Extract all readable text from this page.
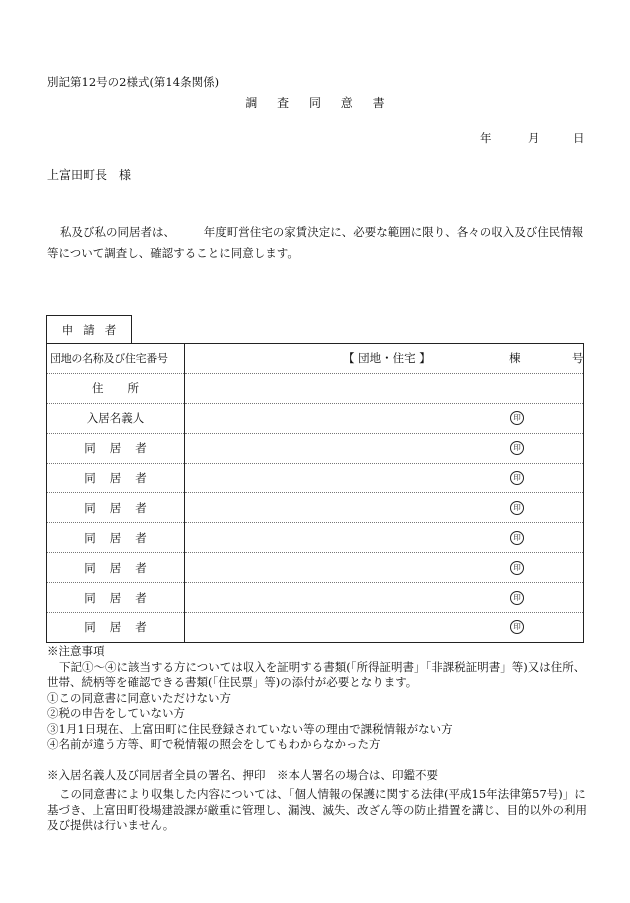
別記第12号の2様式(第14条関係)
調 査 同 意 書
年	月	日
上富田町長　様
私及び私の同居者は、　　　年度町営住宅の家賃決定に、必要な範囲に限り、各々の収入及び住民情報等について調査し、確認することに同意します。
申請者
団地の名称及び住宅番号	【 団地・住宅 】 棟 号

住所	
入居名義人	印

同居者	印

同居者	印

同居者	印

同居者	印

同居者	印

同居者	印

同居者	印
※注意事項
下記①～④に該当する方については収入を証明する書類(「所得証明書」「非課税証明書」等)又は住所、世帯、続柄等を確認できる書類(「住民票」等)の添付が必要となります。
①この同意書に同意いただけない方
②税の申告をしていない方
③1月1日現在、上富田町に住民登録されていない等の理由で課税情報がない方
④名前が違う方等、町で税情報の照会をしてもわからなかった方
※入居名義人及び同居者全員の署名、押印　※本人署名の場合は、印鑑不要
この同意書により収集した内容については、「個人情報の保護に関する法律(平成15年法律第57号)」に基づき、上富田町役場建設課が厳重に管理し、漏洩、滅失、改ざん等の防止措置を講じ、目的以外の利用及び提供は行いません。
